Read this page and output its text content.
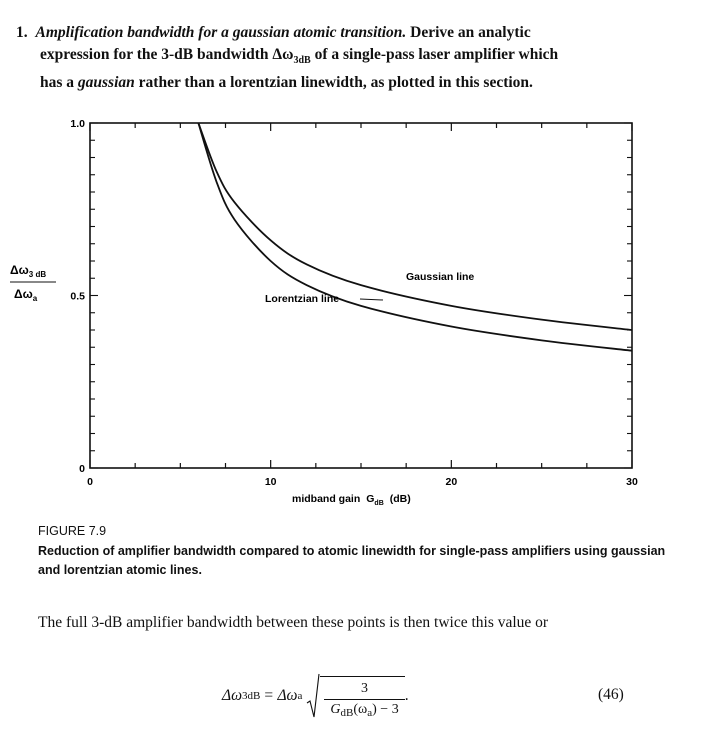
1. Amplification bandwidth for a gaussian atomic transition. Derive an analytic
expression for the 3-dB bandwidth $\Delta\omega_{3dB}$ of a single-pass laser amplifier which
has a gaussian rather than a lorentzian linewidth, as plotted in this section.

0	10	20	30
0
0.5
1.0
$\Delta\omega_{3 dB}$
$\Delta\omega_a$
midband gain $G_{dB}$ (dB)
Gaussian line
Lorentzian line

FIGURE 7.9

Reduction of amplifier bandwidth compared to atomic linewidth for single-pass amplifiers using gaussian and lorentzian atomic lines.

The full 3-dB amplifier bandwidth between these points is then twice this value or

Δω 3dB = Δω a $\frac{3}{G_{dB}(\omega_a) - 3}$ .	(46)
